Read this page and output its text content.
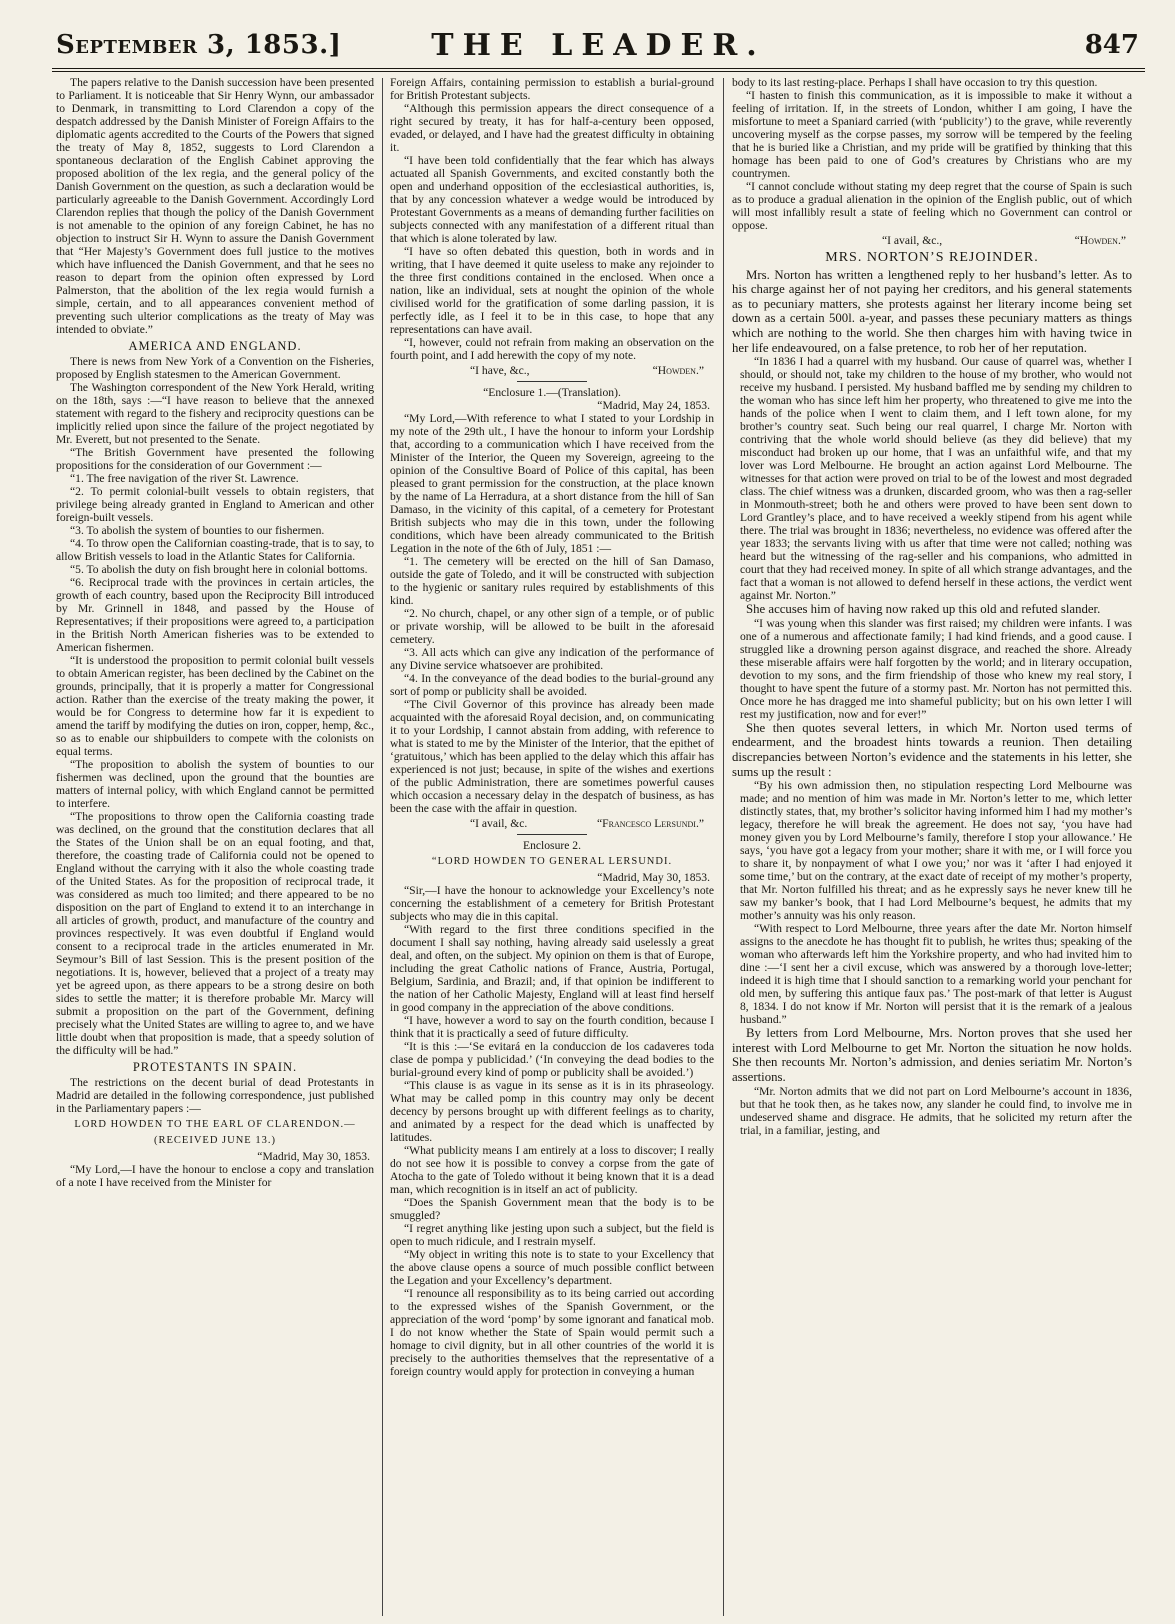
September 3, 1853.]	THE LEADER.	847

The papers relative to the Danish succession have been presented to Parliament. It is noticeable that Sir Henry Wynn, our ambassador to Denmark, in transmitting to Lord Clarendon a copy of the despatch addressed by the Danish Minister of Foreign Affairs to the diplomatic agents accredited to the Courts of the Powers that signed the treaty of May 8, 1852, suggests to Lord Clarendon a spontaneous declaration of the English Cabinet approving the proposed abolition of the lex regia, and the general policy of the Danish Government on the question, as such a declaration would be particularly agreeable to the Danish Government. Accordingly Lord Clarendon replies that though the policy of the Danish Government is not amenable to the opinion of any foreign Cabinet, he has no objection to instruct Sir H. Wynn to assure the Danish Government that “Her Majesty’s Government does full justice to the motives which have influenced the Danish Government, and that he sees no reason to depart from the opinion often expressed by Lord Palmerston, that the abolition of the lex regia would furnish a simple, certain, and to all appearances convenient method of preventing such ulterior complications as the treaty of May was intended to obviate.”

AMERICA AND ENGLAND.

There is news from New York of a Convention on the Fisheries, proposed by English statesmen to the American Government.

The Washington correspondent of the New York Herald, writing on the 18th, says :—“I have reason to believe that the annexed statement with regard to the fishery and reciprocity questions can be implicitly relied upon since the failure of the project negotiated by Mr. Everett, but not presented to the Senate.

“The British Government have presented the following propositions for the consideration of our Government :—

“1. The free navigation of the river St. Lawrence.

“2. To permit colonial-built vessels to obtain registers, that privilege being already granted in England to American and other foreign-built vessels.

“3. To abolish the system of bounties to our fishermen.

“4. To throw open the Californian coasting-trade, that is to say, to allow British vessels to load in the Atlantic States for California.

“5. To abolish the duty on fish brought here in colonial bottoms.

“6. Reciprocal trade with the provinces in certain articles, the growth of each country, based upon the Reciprocity Bill introduced by Mr. Grinnell in 1848, and passed by the House of Representatives; if their propositions were agreed to, a participation in the British North American fisheries was to be extended to American fishermen.

“It is understood the proposition to permit colonial built vessels to obtain American register, has been declined by the Cabinet on the grounds, principally, that it is properly a matter for Congressional action. Rather than the exercise of the treaty making the power, it would be for Congress to determine how far it is expedient to amend the tariff by modifying the duties on iron, copper, hemp, &c., so as to enable our shipbuilders to compete with the colonists on equal terms.

“The proposition to abolish the system of bounties to our fishermen was declined, upon the ground that the bounties are matters of internal policy, with which England cannot be permitted to interfere.

“The propositions to throw open the California coasting trade was declined, on the ground that the constitution declares that all the States of the Union shall be on an equal footing, and that, therefore, the coasting trade of California could not be opened to England without the carrying with it also the whole coasting trade of the United States. As for the proposition of reciprocal trade, it was considered as much too limited; and there appeared to be no disposition on the part of England to extend it to an interchange in all articles of growth, product, and manufacture of the country and provinces respectively. It was even doubtful if England would consent to a reciprocal trade in the articles enumerated in Mr. Seymour’s Bill of last Session. This is the present position of the negotiations. It is, however, believed that a project of a treaty may yet be agreed upon, as there appears to be a strong desire on both sides to settle the matter; it is therefore probable Mr. Marcy will submit a proposition on the part of the Government, defining precisely what the United States are willing to agree to, and we have little doubt when that proposition is made, that a speedy solution of the difficulty will be had.”

PROTESTANTS IN SPAIN.

The restrictions on the decent burial of dead Protestants in Madrid are detailed in the following correspondence, just published in the Parliamentary papers :—

LORD HOWDEN TO THE EARL OF CLARENDON.—
(RECEIVED JUNE 13.)
“Madrid, May 30, 1853.

“My Lord,—I have the honour to enclose a copy and translation of a note I have received from the Minister for

Foreign Affairs, containing permission to establish a burial-ground for British Protestant subjects.

“Although this permission appears the direct consequence of a right secured by treaty, it has for half-a-century been opposed, evaded, or delayed, and I have had the greatest difficulty in obtaining it.

“I have been told confidentially that the fear which has always actuated all Spanish Governments, and excited constantly both the open and underhand opposition of the ecclesiastical authorities, is, that by any concession whatever a wedge would be introduced by Protestant Governments as a means of demanding further facilities on subjects connected with any manifestation of a different ritual than that which is alone tolerated by law.

“I have so often debated this question, both in words and in writing, that I have deemed it quite useless to make any rejoinder to the three first conditions contained in the enclosed. When once a nation, like an individual, sets at nought the opinion of the whole civilised world for the gratification of some darling passion, it is perfectly idle, as I feel it to be in this case, to hope that any representations can have avail.

“I, however, could not refrain from making an observation on the fourth point, and I add herewith the copy of my note.

“I have, &c.,	“Howden.”
“Enclosure 1.—(Translation).
“Madrid, May 24, 1853.

“My Lord,—With reference to what I stated to your Lordship in my note of the 29th ult., I have the honour to inform your Lordship that, according to a communication which I have received from the Minister of the Interior, the Queen my Sovereign, agreeing to the opinion of the Consultive Board of Police of this capital, has been pleased to grant permission for the construction, at the place known by the name of La Herradura, at a short distance from the hill of San Damaso, in the vicinity of this capital, of a cemetery for Protestant British subjects who may die in this town, under the following conditions, which have been already communicated to the British Legation in the note of the 6th of July, 1851 :—

“1. The cemetery will be erected on the hill of San Damaso, outside the gate of Toledo, and it will be constructed with subjection to the hygienic or sanitary rules required by establishments of this kind.

“2. No church, chapel, or any other sign of a temple, or of public or private worship, will be allowed to be built in the aforesaid cemetery.

“3. All acts which can give any indication of the performance of any Divine service whatsoever are prohibited.

“4. In the conveyance of the dead bodies to the burial-ground any sort of pomp or publicity shall be avoided.

“The Civil Governor of this province has already been made acquainted with the aforesaid Royal decision, and, on communicating it to your Lordship, I cannot abstain from adding, with reference to what is stated to me by the Minister of the Interior, that the epithet of ‘gratuitous,’ which has been applied to the delay which this affair has experienced is not just; because, in spite of the wishes and exertions of the public Administration, there are sometimes powerful causes which occasion a necessary delay in the despatch of business, as has been the case with the affair in question.

“I avail, &c.	“Francesco Lersundi.”
Enclosure 2.
“LORD HOWDEN TO GENERAL LERSUNDI.
“Madrid, May 30, 1853.

“Sir,—I have the honour to acknowledge your Excellency’s note concerning the establishment of a cemetery for British Protestant subjects who may die in this capital.

“With regard to the first three conditions specified in the document I shall say nothing, having already said uselessly a great deal, and often, on the subject. My opinion on them is that of Europe, including the great Catholic nations of France, Austria, Portugal, Belgium, Sardinia, and Brazil; and, if that opinion be indifferent to the nation of her Catholic Majesty, England will at least find herself in good company in the appreciation of the above conditions.

“I have, however a word to say on the fourth condition, because I think that it is practically a seed of future difficulty.

“It is this :—‘Se evitará en la conduccion de los cadaveres toda clase de pompa y publicidad.’ (‘In conveying the dead bodies to the burial-ground every kind of pomp or publicity shall be avoided.’)

“This clause is as vague in its sense as it is in its phraseology. What may be called pomp in this country may only be decent decency by persons brought up with different feelings as to charity, and animated by a respect for the dead which is unaffected by latitudes.

“What publicity means I am entirely at a loss to discover; I really do not see how it is possible to convey a corpse from the gate of Atocha to the gate of Toledo without it being known that it is a dead man, which recognition is in itself an act of publicity.

“Does the Spanish Government mean that the body is to be smuggled?

“I regret anything like jesting upon such a subject, but the field is open to much ridicule, and I restrain myself.

“My object in writing this note is to state to your Excellency that the above clause opens a source of much possible conflict between the Legation and your Excellency’s department.

“I renounce all responsibility as to its being carried out according to the expressed wishes of the Spanish Government, or the appreciation of the word ‘pomp’ by some ignorant and fanatical mob. I do not know whether the State of Spain would permit such a homage to civil dignity, but in all other countries of the world it is precisely to the authorities themselves that the representative of a foreign country would apply for protection in conveying a human

body to its last resting-place. Perhaps I shall have occasion to try this question.

“I hasten to finish this communication, as it is impossible to make it without a feeling of irritation. If, in the streets of London, whither I am going, I have the misfortune to meet a Spaniard carried (with ‘publicity’) to the grave, while reverently uncovering myself as the corpse passes, my sorrow will be tempered by the feeling that he is buried like a Christian, and my pride will be gratified by thinking that this homage has been paid to one of God’s creatures by Christians who are my countrymen.

“I cannot conclude without stating my deep regret that the course of Spain is such as to produce a gradual alienation in the opinion of the English public, out of which will most infallibly result a state of feeling which no Government can control or oppose.

“I avail, &c.,	“Howden.”
MRS. NORTON’S REJOINDER.

Mrs. Norton has written a lengthened reply to her husband’s letter. As to his charge against her of not paying her creditors, and his general statements as to pecuniary matters, she protests against her literary income being set down as a certain 500l. a-year, and passes these pecuniary matters as things which are nothing to the world. She then charges him with having twice in her life endeavoured, on a false pretence, to rob her of her reputation.

“In 1836 I had a quarrel with my husband. Our cause of quarrel was, whether I should, or should not, take my children to the house of my brother, who would not receive my husband. I persisted. My husband baffled me by sending my children to the woman who has since left him her property, who threatened to give me into the hands of the police when I went to claim them, and I left town alone, for my brother’s country seat. Such being our real quarrel, I charge Mr. Norton with contriving that the whole world should believe (as they did believe) that my misconduct had broken up our home, that I was an unfaithful wife, and that my lover was Lord Melbourne. He brought an action against Lord Melbourne. The witnesses for that action were proved on trial to be of the lowest and most degraded class. The chief witness was a drunken, discarded groom, who was then a rag-seller in Monmouth-street; both he and others were proved to have been sent down to Lord Grantley’s place, and to have received a weekly stipend from his agent while there. The trial was brought in 1836; nevertheless, no evidence was offered after the year 1833; the servants living with us after that time were not called; nothing was heard but the witnessing of the rag-seller and his companions, who admitted in court that they had received money. In spite of all which strange advantages, and the fact that a woman is not allowed to defend herself in these actions, the verdict went against Mr. Norton.”

She accuses him of having now raked up this old and refuted slander.

“I was young when this slander was first raised; my children were infants. I was one of a numerous and affectionate family; I had kind friends, and a good cause. I struggled like a drowning person against disgrace, and reached the shore. Already these miserable affairs were half forgotten by the world; and in literary occupation, devotion to my sons, and the firm friendship of those who knew my real story, I thought to have spent the future of a stormy past. Mr. Norton has not permitted this. Once more he has dragged me into shameful publicity; but on his own letter I will rest my justification, now and for ever!”

She then quotes several letters, in which Mr. Norton used terms of endearment, and the broadest hints towards a reunion. Then detailing discrepancies between Norton’s evidence and the statements in his letter, she sums up the result :

“By his own admission then, no stipulation respecting Lord Melbourne was made; and no mention of him was made in Mr. Norton’s letter to me, which letter distinctly states, that, my brother’s solicitor having informed him I had my mother’s legacy, therefore he will break the agreement. He does not say, ‘you have had money given you by Lord Melbourne’s family, therefore I stop your allowance.’ He says, ‘you have got a legacy from your mother; share it with me, or I will force you to share it, by nonpayment of what I owe you;’ nor was it ‘after I had enjoyed it some time,’ but on the contrary, at the exact date of receipt of my mother’s property, that Mr. Norton fulfilled his threat; and as he expressly says he never knew till he saw my banker’s book, that I had Lord Melbourne’s bequest, he admits that my mother’s annuity was his only reason.

“With respect to Lord Melbourne, three years after the date Mr. Norton himself assigns to the anecdote he has thought fit to publish, he writes thus; speaking of the woman who afterwards left him the Yorkshire property, and who had invited him to dine :—‘I sent her a civil excuse, which was answered by a thorough love-letter; indeed it is high time that I should sanction to a remarking world your penchant for old men, by suffering this antique faux pas.’ The post-mark of that letter is August 8, 1834. I do not know if Mr. Norton will persist that it is the remark of a jealous husband.”

By letters from Lord Melbourne, Mrs. Norton proves that she used her interest with Lord Melbourne to get Mr. Norton the situation he now holds. She then recounts Mr. Norton’s admission, and denies seriatim Mr. Norton’s assertions.

“Mr. Norton admits that we did not part on Lord Melbourne’s account in 1836, but that he took then, as he takes now, any slander he could find, to involve me in undeserved shame and disgrace. He admits, that he solicited my return after the trial, in a familiar, jesting, and
